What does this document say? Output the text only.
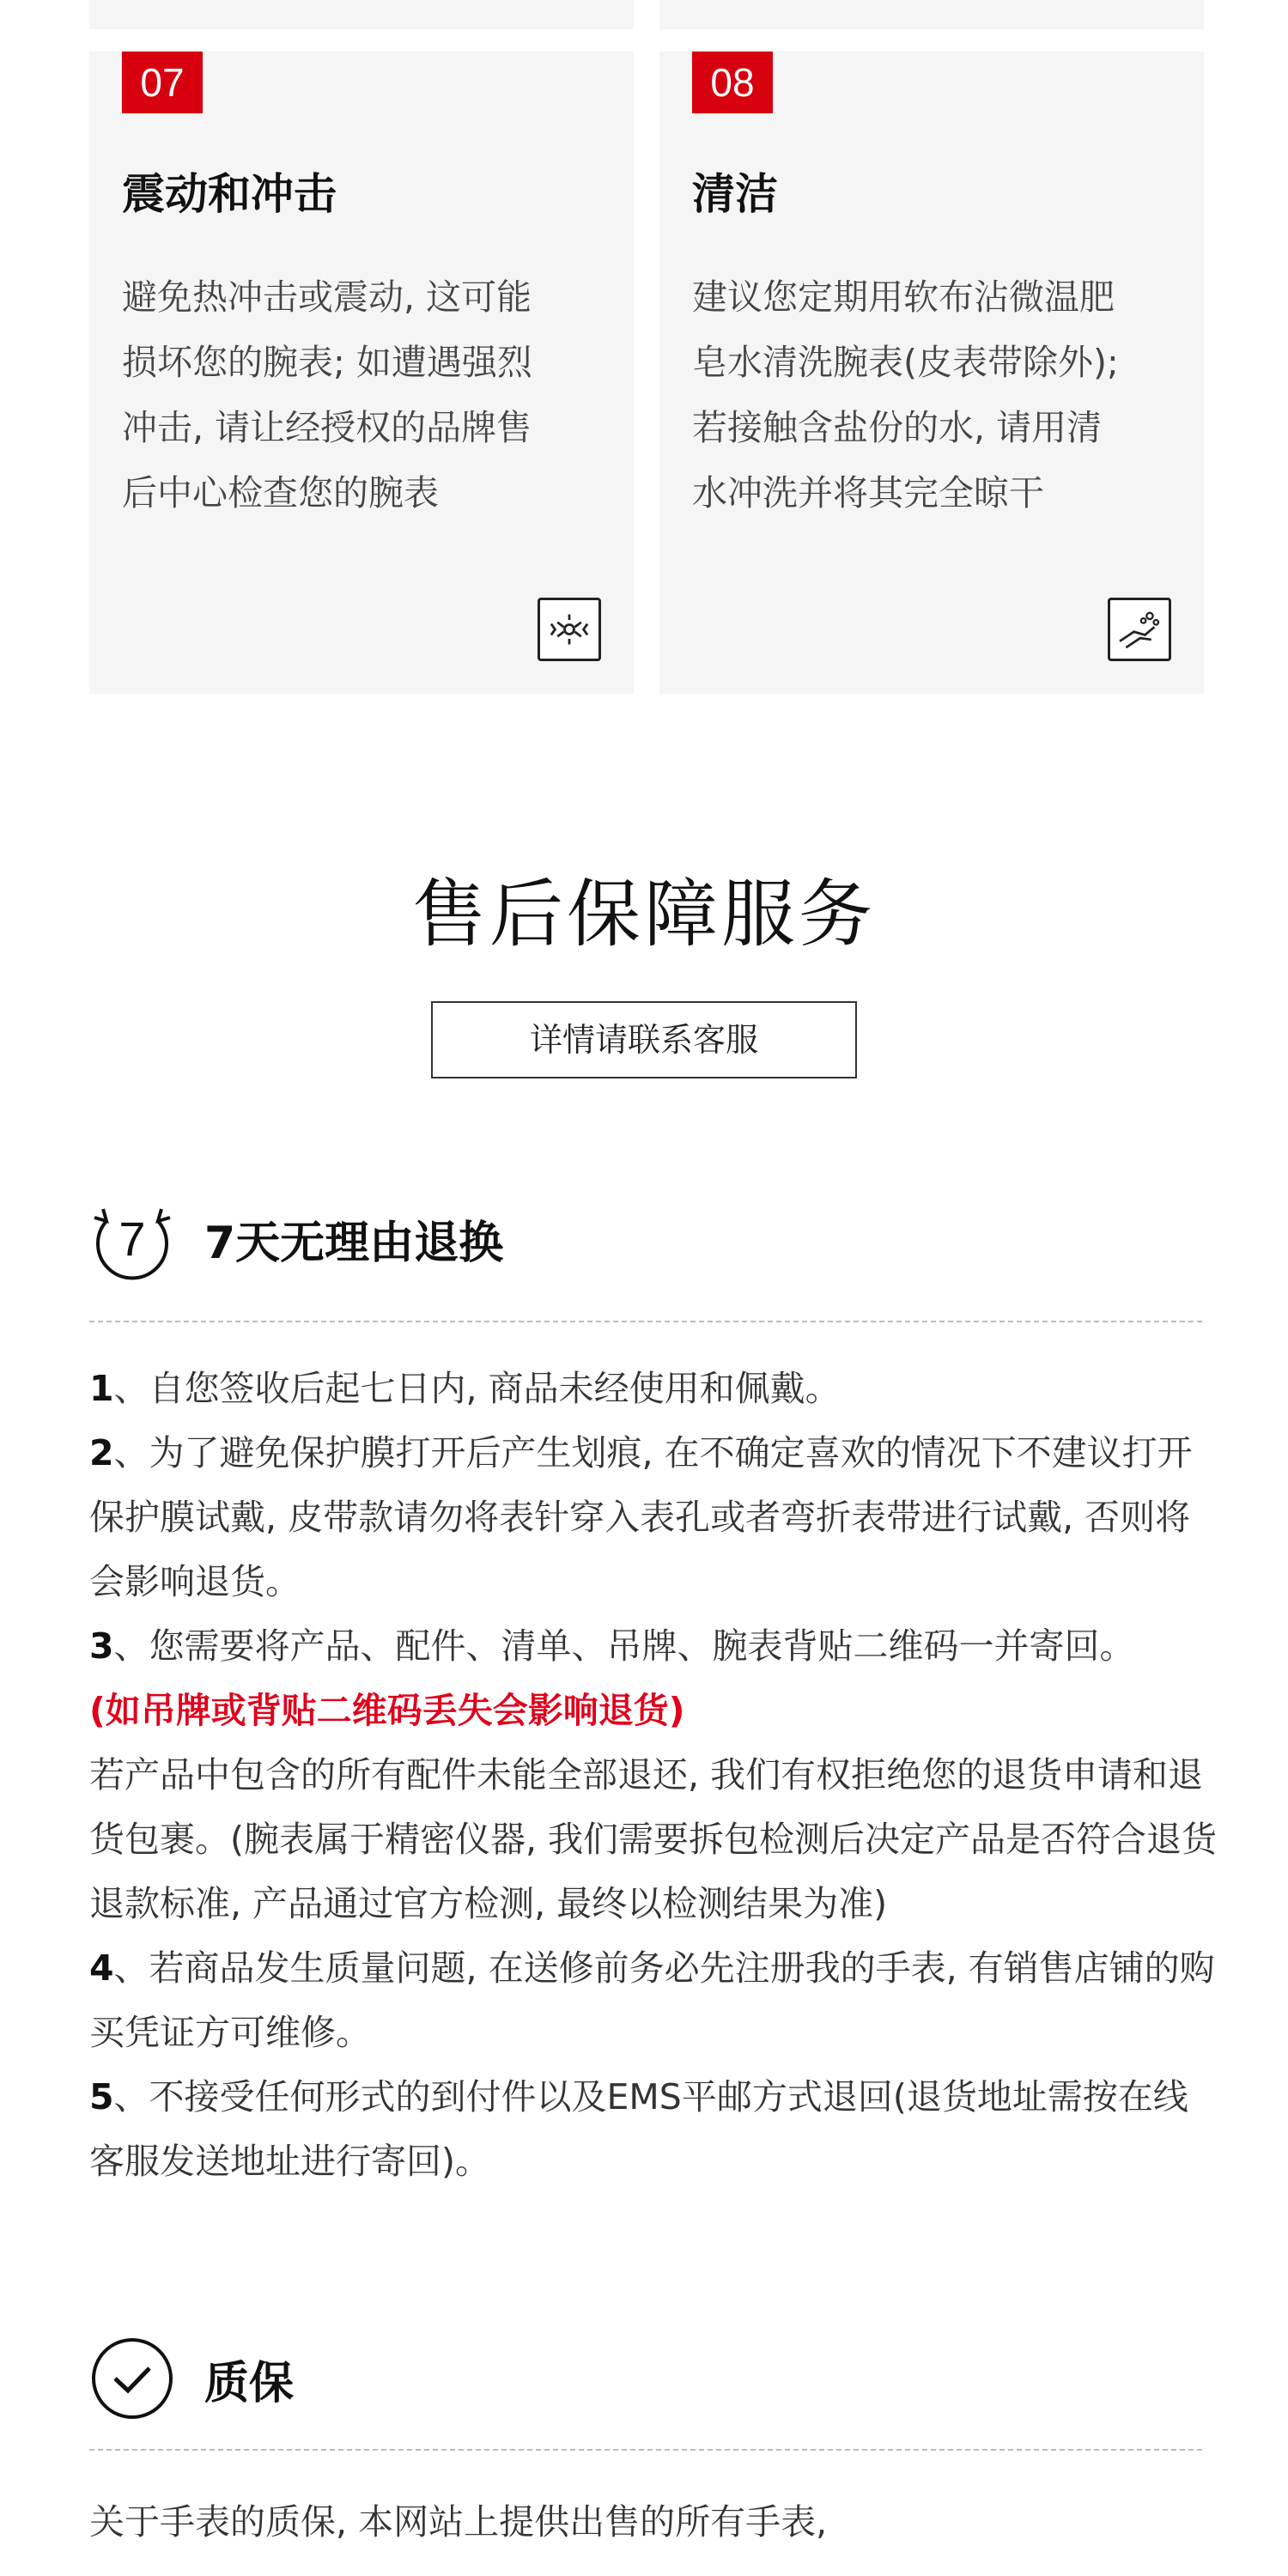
07
震动和冲击
避免热冲击或震动, 这可能损坏您的腕表; 如遭遇强烈冲击, 请让经授权的品牌售后中心检查您的腕表
08
清洁
建议您定期用软布沾微温肥皂水清洗腕表(皮表带除外); 若接触含盐份的水, 请用清水冲洗并将其完全晾干
售后保障服务
详情请联系客服
7 7天无理由退换
1、自您签收后起七日内, 商品未经使用和佩戴。
2、为了避免保护膜打开后产生划痕, 在不确定喜欢的情况下不建议打开保护膜试戴, 皮带款请勿将表针穿入表孔或者弯折表带进行试戴, 否则将会影响退货。
3、您需要将产品、配件、清单、吊牌、腕表背贴二维码一并寄回。
(如吊牌或背贴二维码丢失会影响退货)
若产品中包含的所有配件未能全部退还, 我们有权拒绝您的退货申请和退货包裹。(腕表属于精密仪器, 我们需要拆包检测后决定产品是否符合退货退款标准, 产品通过官方检测, 最终以检测结果为准)
4、若商品发生质量问题, 在送修前务必先注册我的手表, 有销售店铺的购买凭证方可维修。
5、不接受任何形式的到付件以及EMS平邮方式退回(退货地址需按在线客服发送地址进行寄回)。
质保
关于手表的质保, 本网站上提供出售的所有手表,
